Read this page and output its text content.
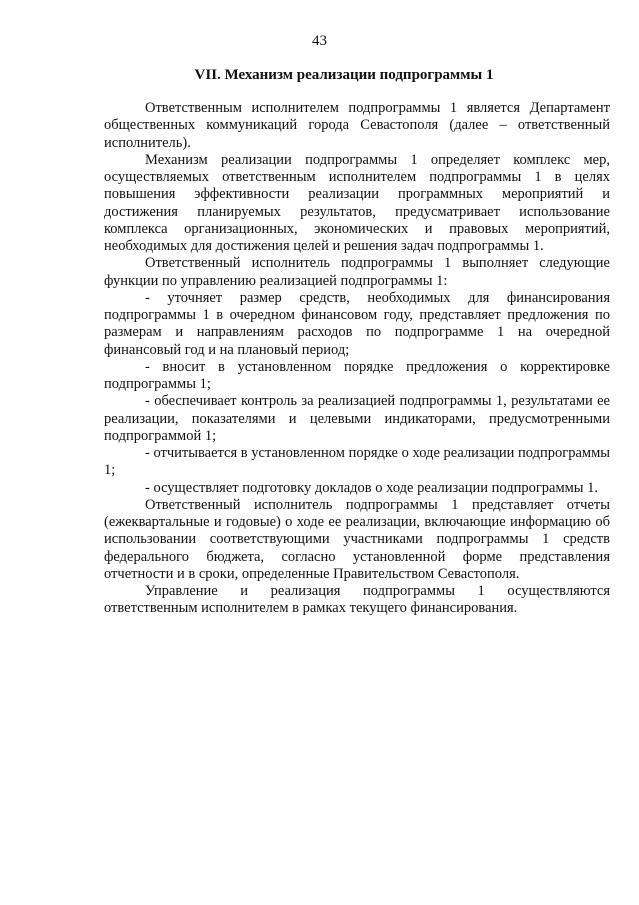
43
VII. Механизм реализации подпрограммы 1

Ответственным исполнителем подпрограммы 1 является Департамент общественных коммуникаций города Севастополя (далее – ответственный исполнитель).

Механизм реализации подпрограммы 1 определяет комплекс мер, осуществляемых ответственным исполнителем подпрограммы 1 в целях повышения эффективности реализации программных мероприятий и достижения планируемых результатов, предусматривает использование комплекса организационных, экономических и правовых мероприятий, необходимых для достижения целей и решения задач подпрограммы 1.

Ответственный исполнитель подпрограммы 1 выполняет следующие функции по управлению реализацией подпрограммы 1:

- уточняет размер средств, необходимых для финансирования подпрограммы 1 в очередном финансовом году, представляет предложения по размерам и направлениям расходов по подпрограмме 1 на очередной финансовый год и на плановый период;

- вносит в установленном порядке предложения о корректировке подпрограммы 1;

- обеспечивает контроль за реализацией подпрограммы 1, результатами ее реализации, показателями и целевыми индикаторами, предусмотренными подпрограммой 1;

- отчитывается в установленном порядке о ходе реализации подпрограммы 1;

- осуществляет подготовку докладов о ходе реализации подпрограммы 1.

Ответственный исполнитель подпрограммы 1 представляет отчеты (ежеквартальные и годовые) о ходе ее реализации, включающие информацию об использовании соответствующими участниками подпрограммы 1 средств федерального бюджета, согласно установленной форме представления отчетности и в сроки, определенные Правительством Севастополя.

Управление и реализация подпрограммы 1 осуществляются ответственным исполнителем в рамках текущего финансирования.
